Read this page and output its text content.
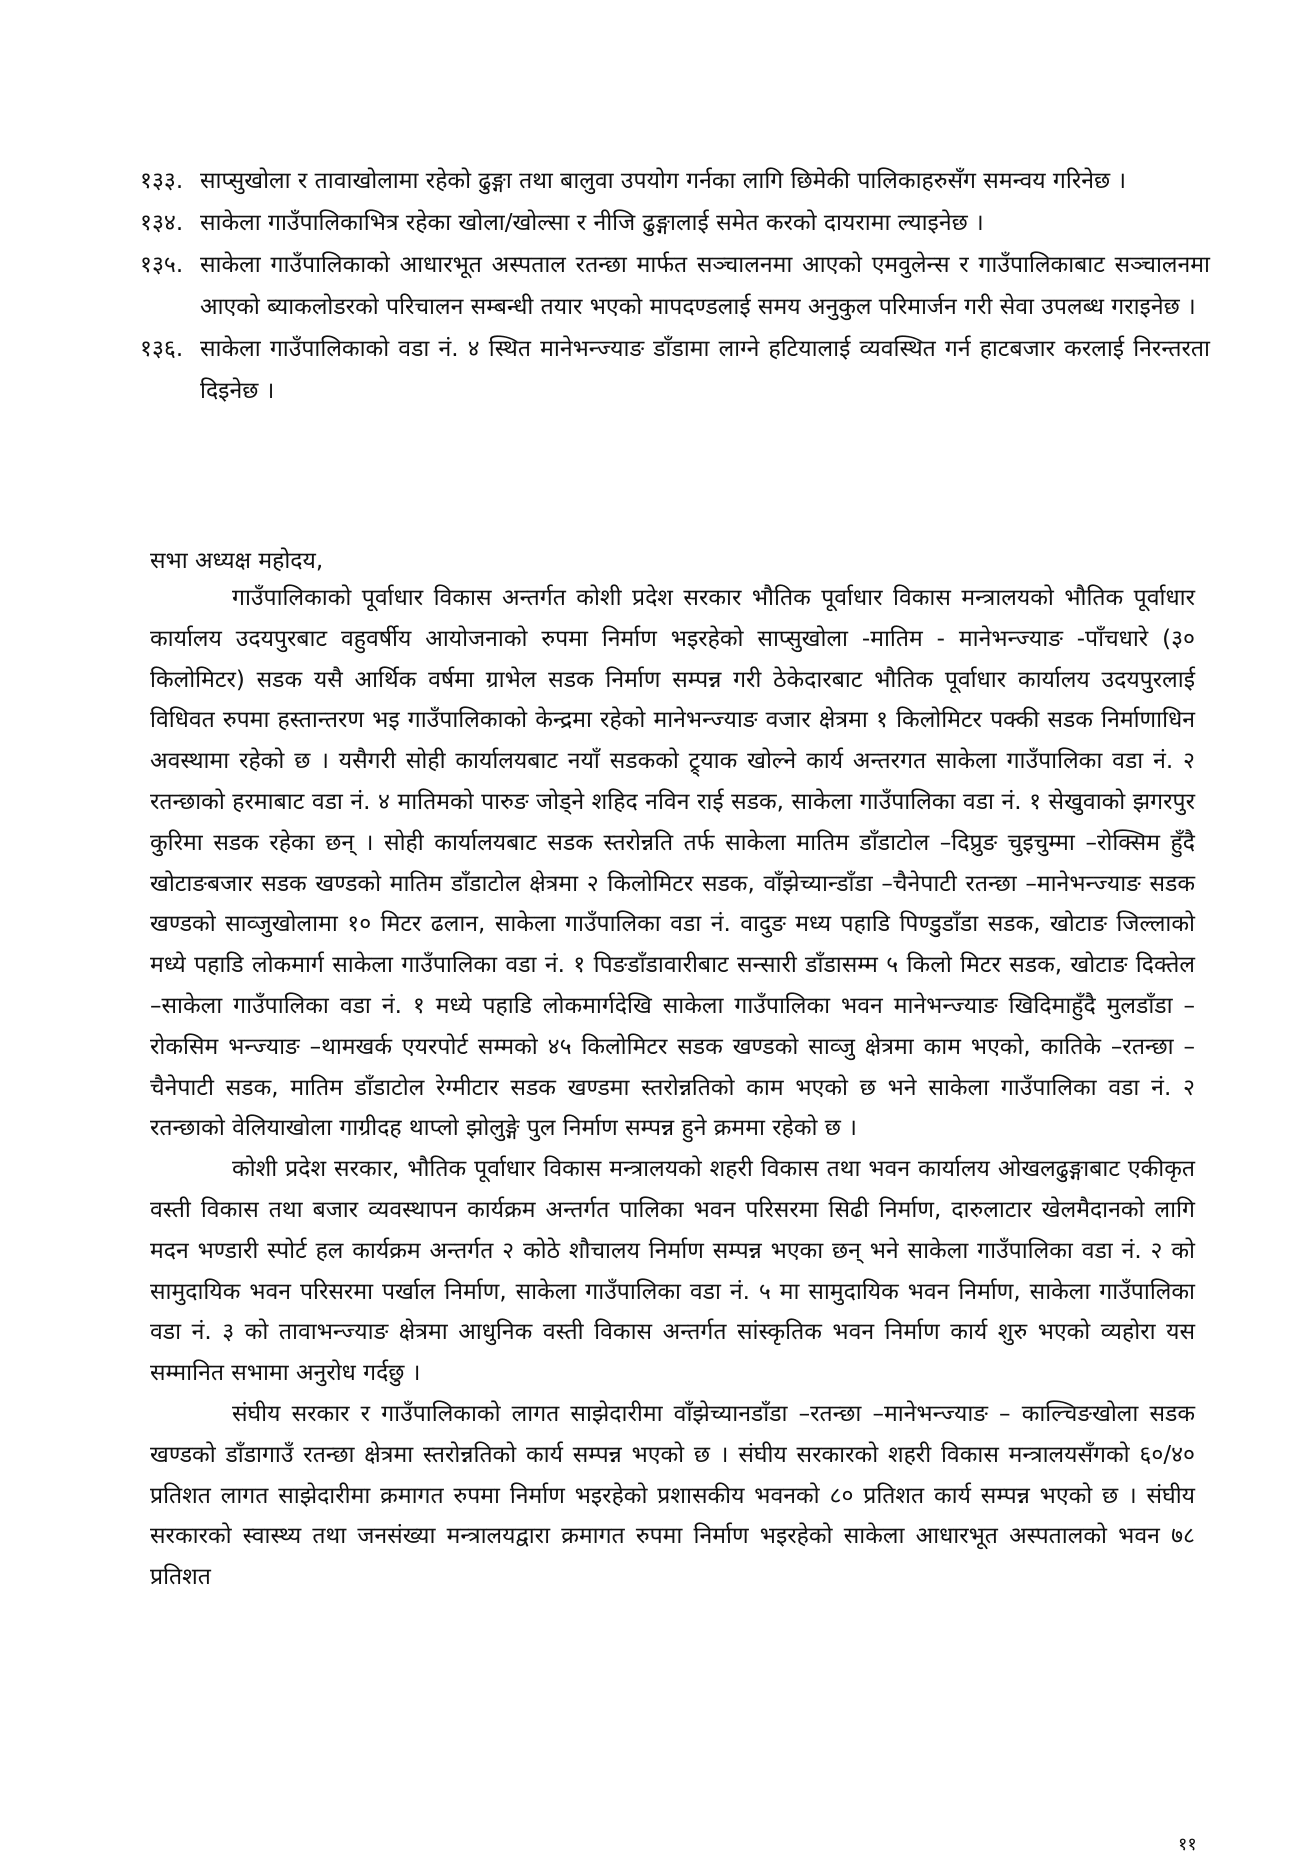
१३३. साप्सुखोला र तावाखोलामा रहेको ढुङ्गा तथा बालुवा उपयोग गर्नका लागि छिमेकी पालिकाहरुसँग समन्वय गरिनेछ ।
१३४. साकेला गाउँपालिकाभित्र रहेका खोला/खोल्सा र नीजि ढुङ्गालाई समेत करको दायरामा ल्याइनेछ ।
१३५. साकेला गाउँपालिकाको आधारभूत अस्पताल रतन्छा मार्फत सञ्चालनमा आएको एमवुलेन्स र गाउँपालिकाबाट सञ्चालनमा आएको ब्याकलोडरको परिचालन सम्बन्धी तयार भएको मापदण्डलाई समय अनुकुल परिमार्जन गरी सेवा उपलब्ध गराइनेछ ।
१३६. साकेला गाउँपालिकाको वडा नं. ४ स्थित मानेभन्ज्याङ डाँडामा लाग्ने हटियालाई व्यवस्थित गर्न हाटबजार करलाई निरन्तरता दिइनेछ ।

सभा अध्यक्ष महोदय,

गाउँपालिकाको पूर्वाधार विकास अन्तर्गत कोशी प्रदेश सरकार भौतिक पूर्वाधार विकास मन्त्रालयको भौतिक पूर्वाधार कार्यालय उदयपुरबाट वहुवर्षीय आयोजनाको रुपमा निर्माण भइरहेको साप्सुखोला -मातिम - मानेभन्ज्याङ -पाँचधारे (३० किलोमिटर) सडक यसै आर्थिक वर्षमा ग्राभेल सडक निर्माण सम्पन्न गरी ठेकेदारबाट भौतिक पूर्वाधार कार्यालय उदयपुरलाई विधिवत रुपमा हस्तान्तरण भइ गाउँपालिकाको केन्द्रमा रहेको मानेभन्ज्याङ वजार क्षेत्रमा १ किलोमिटर पक्की सडक निर्माणाधिन अवस्थामा रहेको छ । यसैगरी सोही कार्यालयबाट नयाँ सडकको ट्र्याक खोल्ने कार्य अन्तरगत साकेला गाउँपालिका वडा नं. २ रतन्छाको हरमाबाट वडा नं. ४ मातिमको पारुङ जोड्ने शहिद नविन राई सडक, साकेला गाउँपालिका वडा नं. १ सेखुवाको झगरपुर कुरिमा सडक रहेका छन् । सोही कार्यालयबाट सडक स्तरोन्नति तर्फ साकेला मातिम डाँडाटोल –दिप्रुङ चुइचुम्मा –रोक्सिम हुँदै खोटाङबजार सडक खण्डको मातिम डाँडाटोल क्षेत्रमा २ किलोमिटर सडक, वाँझेच्यान्डाँडा –चैनेपाटी रतन्छा –मानेभन्ज्याङ सडक खण्डको साव्जुखोलामा १० मिटर ढलान, साकेला गाउँपालिका वडा नं. वादुङ मध्य पहाडि पिण्डुडाँडा सडक, खोटाङ जिल्लाको मध्ये पहाडि लोकमार्ग साकेला गाउँपालिका वडा नं. १ पिङडाँडावारीबाट सन्सारी डाँडासम्म ५ किलो मिटर सडक, खोटाङ दिक्तेल –साकेला गाउँपालिका वडा नं. १ मध्ये पहाडि लोकमार्गदेखि साकेला गाउँपालिका भवन मानेभन्ज्याङ खिदिमाहुँदै मुलडाँडा –रोकसिम भन्ज्याङ –थामखर्क एयरपोर्ट सम्मको ४५ किलोमिटर सडक खण्डको साव्जु क्षेत्रमा काम भएको, कातिके –रतन्छा –चैनेपाटी सडक, मातिम डाँडाटोल रेग्मीटार सडक खण्डमा स्तरोन्नतिको काम भएको छ भने साकेला गाउँपालिका वडा नं. २ रतन्छाको वेलियाखोला गाग्रीदह थाप्लो झोलुङ्गे पुल निर्माण सम्पन्न हुने क्रममा रहेको छ ।

कोशी प्रदेश सरकार, भौतिक पूर्वाधार विकास मन्त्रालयको शहरी विकास तथा भवन कार्यालय ओखलढुङ्गाबाट एकीकृत वस्ती विकास तथा बजार व्यवस्थापन कार्यक्रम अन्तर्गत पालिका भवन परिसरमा सिढी निर्माण, दारुलाटार खेलमैदानको लागि मदन भण्डारी स्पोर्ट हल कार्यक्रम अन्तर्गत २ कोठे शौचालय निर्माण सम्पन्न भएका छन् भने साकेला गाउँपालिका वडा नं. २ को सामुदायिक भवन परिसरमा पर्खाल निर्माण, साकेला गाउँपालिका वडा नं. ५ मा सामुदायिक भवन निर्माण, साकेला गाउँपालिका वडा नं. ३ को तावाभन्ज्याङ क्षेत्रमा आधुनिक वस्ती विकास अन्तर्गत सांस्कृतिक भवन निर्माण कार्य शुरु भएको व्यहोरा यस सम्मानित सभामा अनुरोध गर्दछु ।

संघीय सरकार र गाउँपालिकाको लागत साझेदारीमा वाँझेच्यानडाँडा –रतन्छा –मानेभन्ज्याङ – काल्चिङखोला सडक खण्डको डाँडागाउँ रतन्छा क्षेत्रमा स्तरोन्नतिको कार्य सम्पन्न भएको छ । संघीय सरकारको शहरी विकास मन्त्रालयसँगको ६०/४० प्रतिशत लागत साझेदारीमा क्रमागत रुपमा निर्माण भइरहेको प्रशासकीय भवनको ८० प्रतिशत कार्य सम्पन्न भएको छ । संघीय सरकारको स्वास्थ्य तथा जनसंख्या मन्त्रालयद्वारा क्रमागत रुपमा निर्माण भइरहेको साकेला आधारभूत अस्पतालको भवन ७८ प्रतिशत

११
